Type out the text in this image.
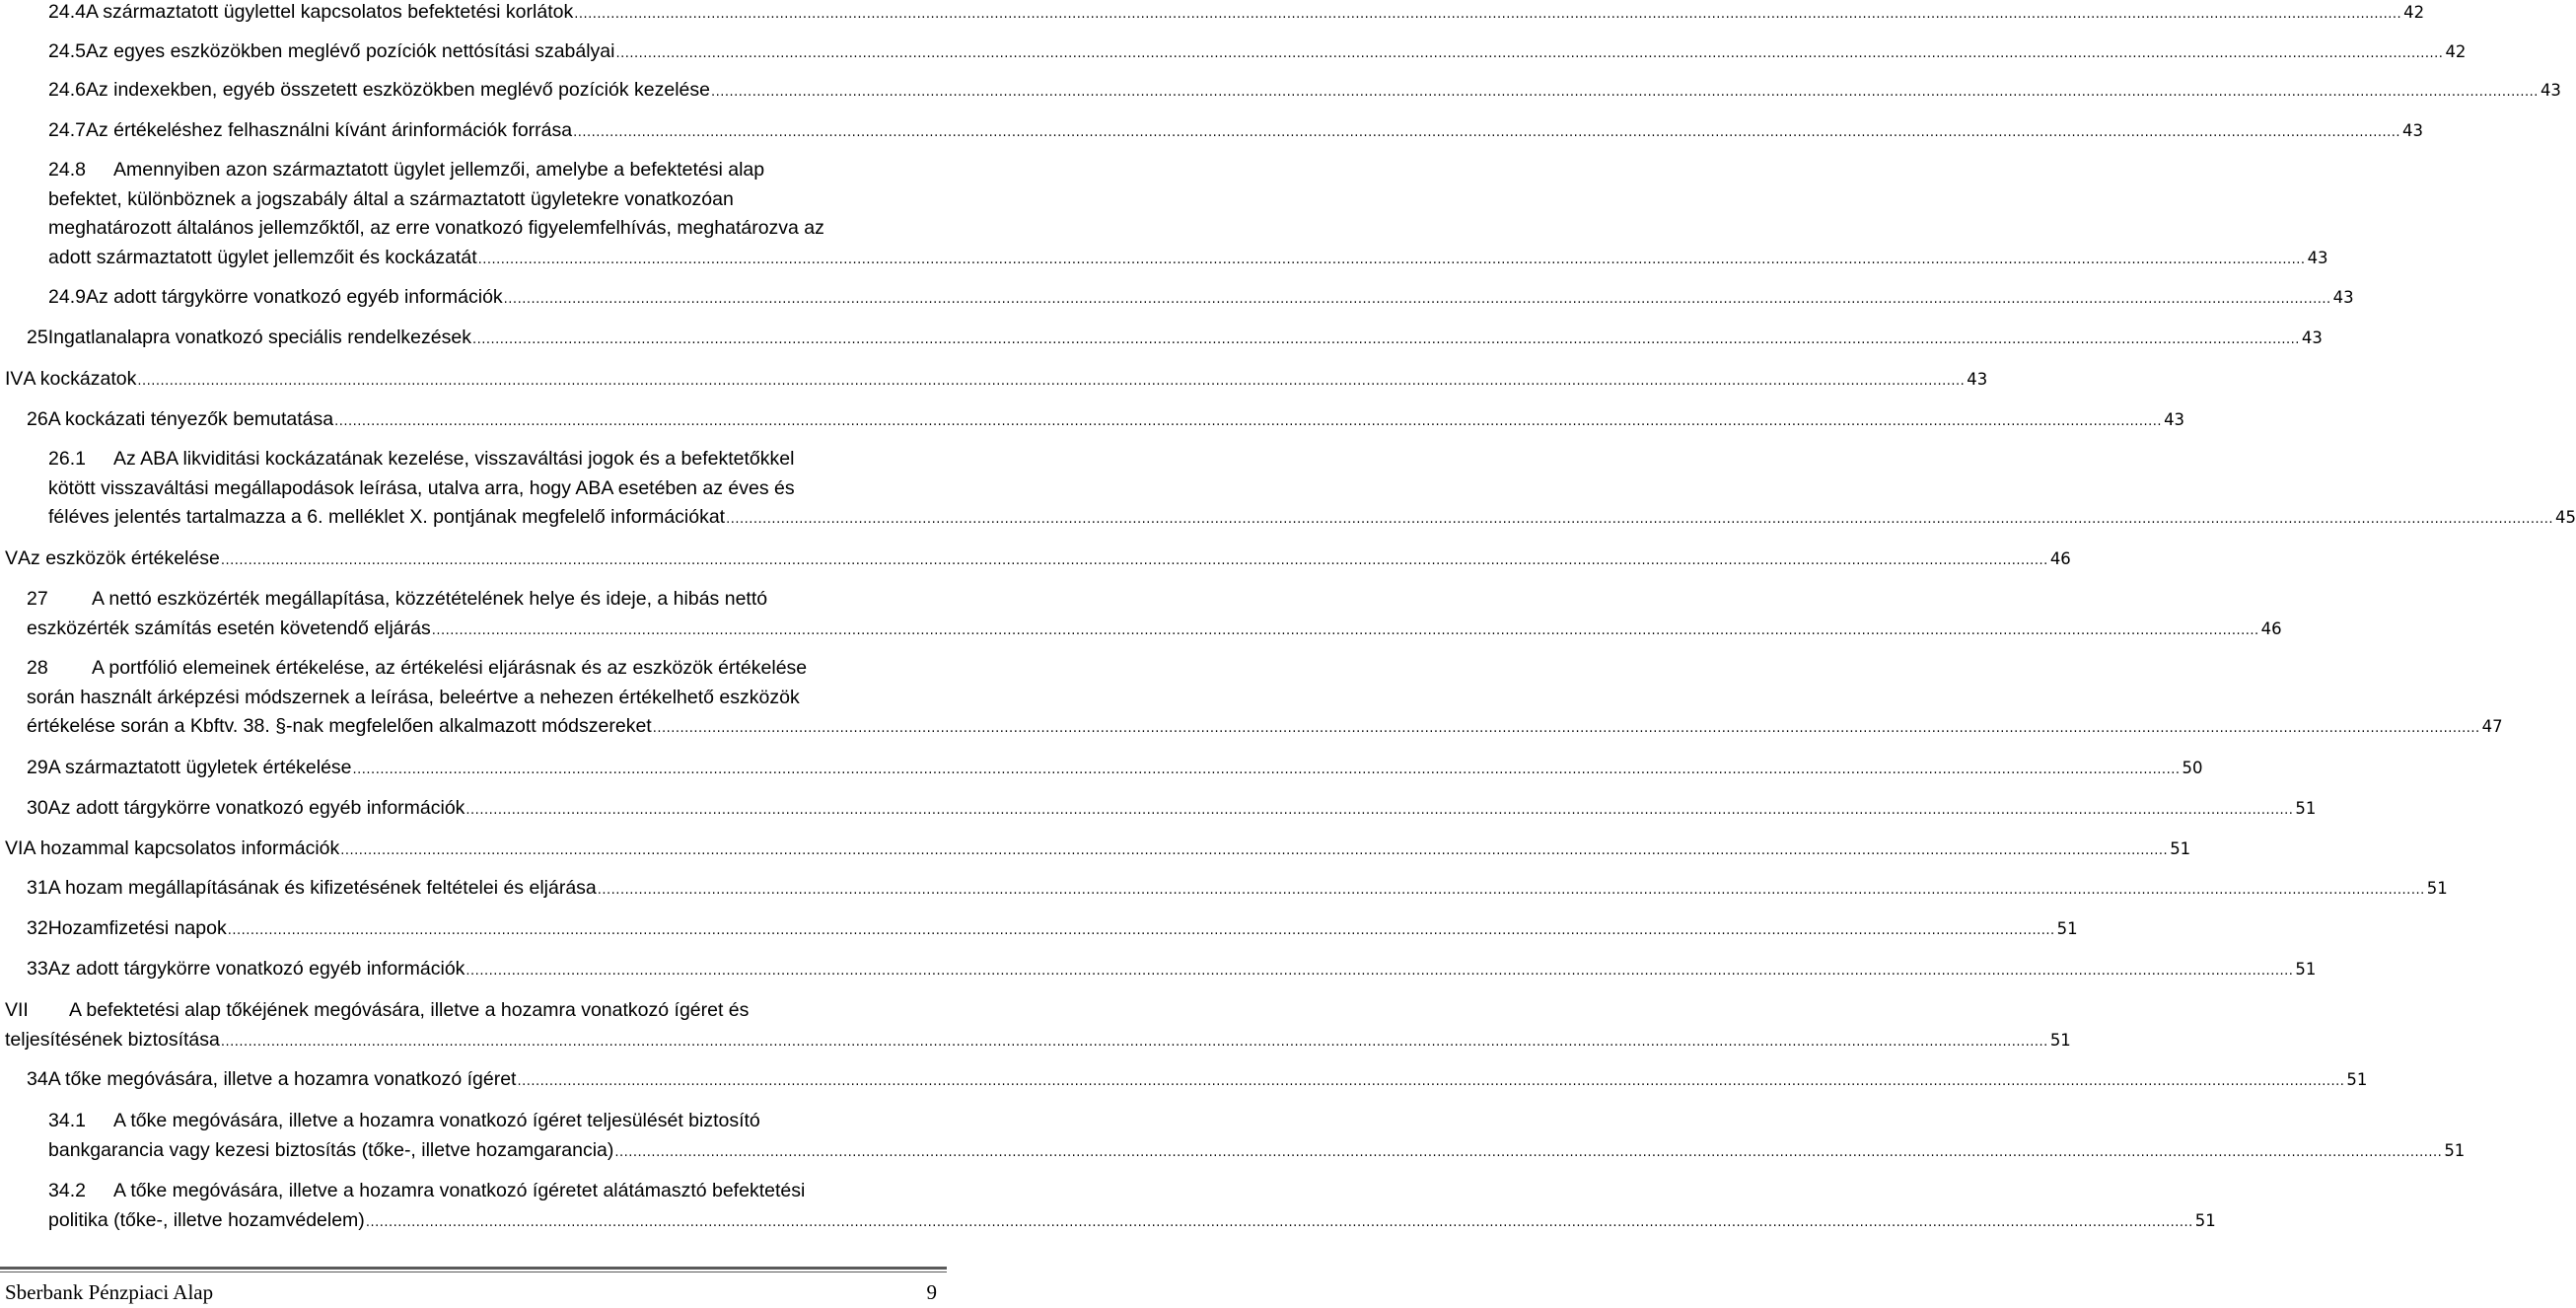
24.4 A származtatott ügylettel kapcsolatos befektetési korlátok ................................................................................................................................................................................................................................................................................................................................................................................................................ 42
24.5 Az egyes eszközökben meglévő pozíciók nettósítási szabályai ................................................................................................................................................................................................................................................................................................................................................................................................................ 42
24.6 Az indexekben, egyéb összetett eszközökben meglévő pozíciók kezelése ................................................................................................................................................................................................................................................................................................................................................................................................................ 43
24.7 Az értékeléshez felhasználni kívánt árinformációk forrása ................................................................................................................................................................................................................................................................................................................................................................................................................ 43

24.8 Amennyiben azon származtatott ügylet jellemzői, amelybe a befektetési alap

befektet, különböznek a jogszabály által a származtatott ügyletekre vonatkozóan

meghatározott általános jellemzőktől, az erre vonatkozó figyelemfelhívás, meghatározva az

adott származtatott ügylet jellemzőit és kockázatát ................................................................................................................................................................................................................................................................................................................................................................................................................ 43
24.9 Az adott tárgykörre vonatkozó egyéb információk ................................................................................................................................................................................................................................................................................................................................................................................................................ 43
25 Ingatlanalapra vonatkozó speciális rendelkezések ................................................................................................................................................................................................................................................................................................................................................................................................................ 43
IV A kockázatok ................................................................................................................................................................................................................................................................................................................................................................................................................ 43
26 A kockázati tényezők bemutatása ................................................................................................................................................................................................................................................................................................................................................................................................................ 43

26.1 Az ABA likviditási kockázatának kezelése, visszaváltási jogok és a befektetőkkel

kötött visszaváltási megállapodások leírása, utalva arra, hogy ABA esetében az éves és

féléves jelentés tartalmazza a 6. melléklet X. pontjának megfelelő információkat ................................................................................................................................................................................................................................................................................................................................................................................................................ 45
V Az eszközök értékelése ................................................................................................................................................................................................................................................................................................................................................................................................................ 46

27 A nettó eszközérték megállapítása, közzétételének helye és ideje, a hibás nettó

eszközérték számítás esetén követendő eljárás ................................................................................................................................................................................................................................................................................................................................................................................................................ 46

28 A portfólió elemeinek értékelése, az értékelési eljárásnak és az eszközök értékelése

során használt árképzési módszernek a leírása, beleértve a nehezen értékelhető eszközök

értékelése során a Kbftv. 38. §-nak megfelelően alkalmazott módszereket ................................................................................................................................................................................................................................................................................................................................................................................................................ 47
29 A származtatott ügyletek értékelése ................................................................................................................................................................................................................................................................................................................................................................................................................ 50
30 Az adott tárgykörre vonatkozó egyéb információk ................................................................................................................................................................................................................................................................................................................................................................................................................ 51
VI A hozammal kapcsolatos információk ................................................................................................................................................................................................................................................................................................................................................................................................................ 51
31 A hozam megállapításának és kifizetésének feltételei és eljárása ................................................................................................................................................................................................................................................................................................................................................................................................................ 51
32 Hozamfizetési napok ................................................................................................................................................................................................................................................................................................................................................................................................................ 51
33 Az adott tárgykörre vonatkozó egyéb információk ................................................................................................................................................................................................................................................................................................................................................................................................................ 51

VII A befektetési alap tőkéjének megóvására, illetve a hozamra vonatkozó ígéret és

teljesítésének biztosítása ................................................................................................................................................................................................................................................................................................................................................................................................................ 51
34 A tőke megóvására, illetve a hozamra vonatkozó ígéret ................................................................................................................................................................................................................................................................................................................................................................................................................ 51

34.1 A tőke megóvására, illetve a hozamra vonatkozó ígéret teljesülését biztosító

bankgarancia vagy kezesi biztosítás (tőke-, illetve hozamgarancia) ................................................................................................................................................................................................................................................................................................................................................................................................................ 51

34.2 A tőke megóvására, illetve a hozamra vonatkozó ígéretet alátámasztó befektetési

politika (tőke-, illetve hozamvédelem) ................................................................................................................................................................................................................................................................................................................................................................................................................ 51
Sberbank Pénzpiaci Alap	9
